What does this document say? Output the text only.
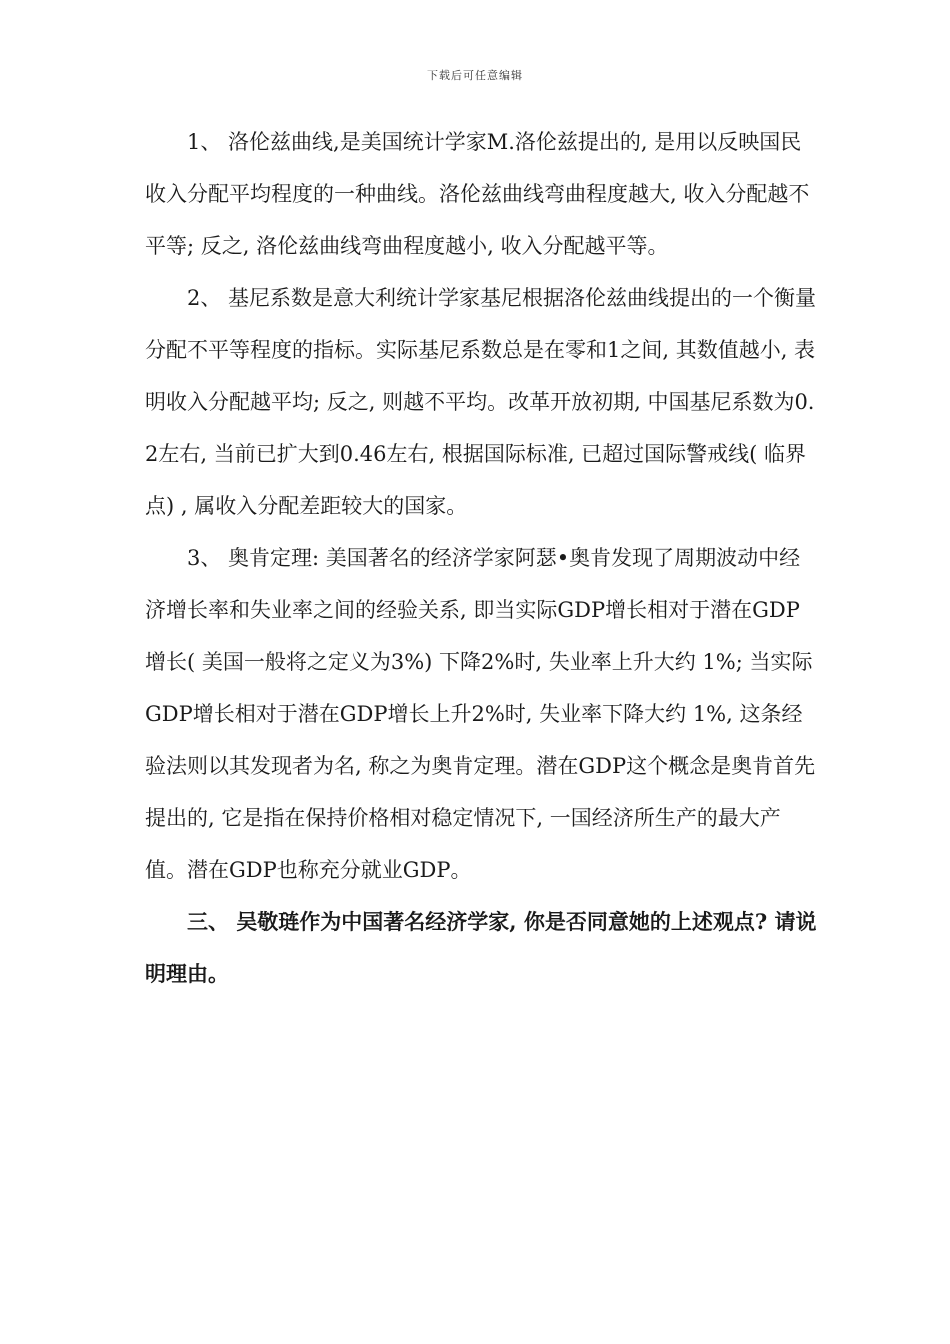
下载后可任意编辑

1、 洛伦兹曲线,是美国统计学家M.洛伦兹提出的, 是用以反映国民收入分配平均程度的一种曲线。洛伦兹曲线弯曲程度越大, 收入分配越不平等; 反之, 洛伦兹曲线弯曲程度越小, 收入分配越平等。

2、 基尼系数是意大利统计学家基尼根据洛伦兹曲线提出的一个衡量分配不平等程度的指标。实际基尼系数总是在零和1之间, 其数值越小, 表明收入分配越平均; 反之, 则越不平均。改革开放初期, 中国基尼系数为0.2左右, 当前已扩大到0.46左右, 根据国际标准, 已超过国际警戒线( 临界点) , 属收入分配差距较大的国家。

3、 奥肯定理: 美国著名的经济学家阿瑟•奥肯发现了周期波动中经济增长率和失业率之间的经验关系, 即当实际GDP增长相对于潜在GDP增长( 美国一般将之定义为3%) 下降2%时, 失业率上升大约 1%; 当实际GDP增长相对于潜在GDP增长上升2%时, 失业率下降大约 1%, 这条经验法则以其发现者为名, 称之为奥肯定理。潜在GDP这个概念是奥肯首先提出的, 它是指在保持价格相对稳定情况下, 一国经济所生产的最大产值。潜在GDP也称充分就业GDP。

三、 吴敬琏作为中国著名经济学家, 你是否同意她的上述观点? 请说明理由。
